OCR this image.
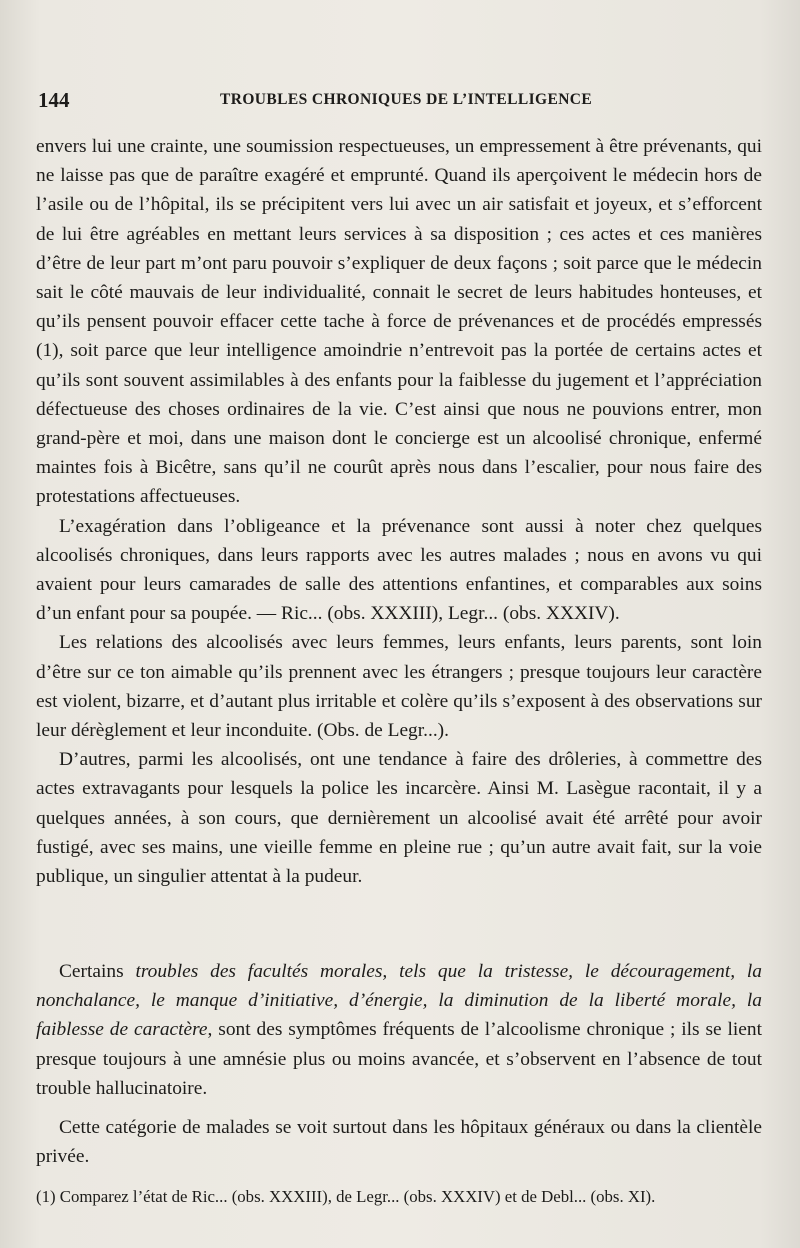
144	TROUBLES CHRONIQUES DE L’INTELLIGENCE

envers lui une crainte, une soumission respectueuses, un empressement à être prévenants, qui ne laisse pas que de paraître exagéré et emprunté. Quand ils aperçoivent le médecin hors de l’asile ou de l’hôpital, ils se précipitent vers lui avec un air satisfait et joyeux, et s’efforcent de lui être agréables en mettant leurs services à sa disposition ; ces actes et ces manières d’être de leur part m’ont paru pouvoir s’expliquer de deux façons ; soit parce que le médecin sait le côté mauvais de leur individualité, connait le secret de leurs habitudes honteuses, et qu’ils pensent pouvoir effacer cette tache à force de prévenances et de procédés empressés (1), soit parce que leur intelligence amoindrie n’entrevoit pas la portée de certains actes et qu’ils sont souvent assimilables à des enfants pour la faiblesse du jugement et l’appréciation défectueuse des choses ordinaires de la vie. C’est ainsi que nous ne pouvions entrer, mon grand-père et moi, dans une maison dont le concierge est un alcoolisé chronique, enfermé maintes fois à Bicêtre, sans qu’il ne courût après nous dans l’escalier, pour nous faire des protestations affectueuses.

L’exagération dans l’obligeance et la prévenance sont aussi à noter chez quelques alcoolisés chroniques, dans leurs rapports avec les autres malades ; nous en avons vu qui avaient pour leurs camarades de salle des attentions enfantines, et comparables aux soins d’un enfant pour sa poupée. — Ric... (obs. XXXIII), Legr... (obs. XXXIV).

Les relations des alcoolisés avec leurs femmes, leurs enfants, leurs parents, sont loin d’être sur ce ton aimable qu’ils prennent avec les étrangers ; presque toujours leur caractère est violent, bizarre, et d’autant plus irritable et colère qu’ils s’exposent à des observations sur leur dérèglement et leur inconduite. (Obs. de Legr...).

D’autres, parmi les alcoolisés, ont une tendance à faire des drôleries, à commettre des actes extravagants pour lesquels la police les incarcère. Ainsi M. Lasègue racontait, il y a quelques années, à son cours, que dernièrement un alcoolisé avait été arrêté pour avoir fustigé, avec ses mains, une vieille femme en pleine rue ; qu’un autre avait fait, sur la voie publique, un singulier attentat à la pudeur.

Certains troubles des facultés morales, tels que la tristesse, le découragement, la nonchalance, le manque d’initiative, d’énergie, la diminution de la liberté morale, la faiblesse de caractère, sont des symptômes fréquents de l’alcoolisme chronique ; ils se lient presque toujours à une amnésie plus ou moins avancée, et s’observent en l’absence de tout trouble hallucinatoire.

Cette catégorie de malades se voit surtout dans les hôpitaux généraux ou dans la clientèle privée.

(1) Comparez l’état de Ric... (obs. XXXIII), de Legr... (obs. XXXIV) et de Debl... (obs. XI).
